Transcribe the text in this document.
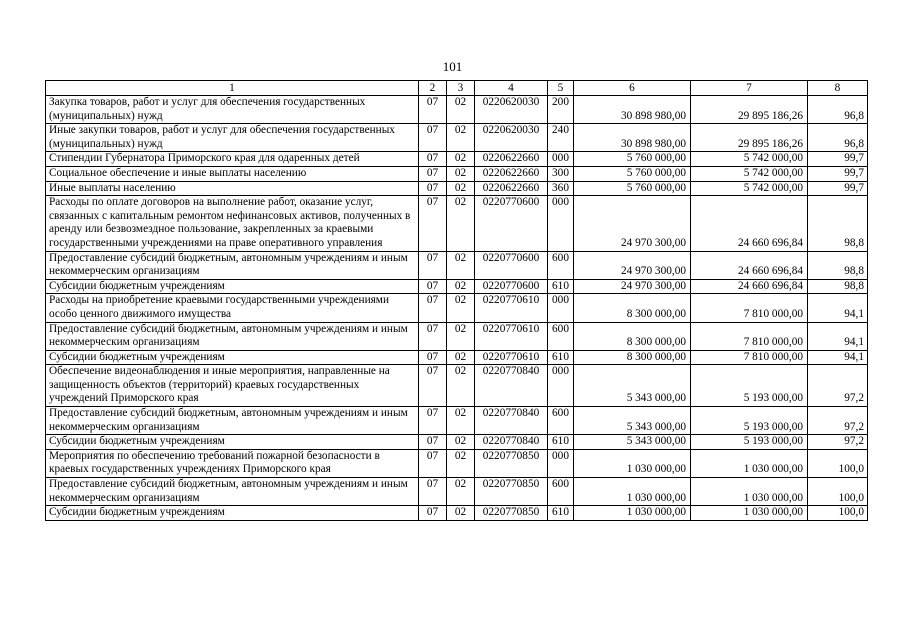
101
1	2	3	4	5	6	7	8
Закупка товаров, работ и услуг для обеспечения государственных (муниципальных) нужд	07	02	0220620030	200	30 898 980,00	29 895 186,26	96,8
Иные закупки товаров, работ и услуг для обеспечения государственных (муниципальных) нужд	07	02	0220620030	240	30 898 980,00	29 895 186,26	96,8
Стипендии Губернатора Приморского края для одаренных детей	07	02	0220622660	000	5 760 000,00	5 742 000,00	99,7
Социальное обеспечение и иные выплаты населению	07	02	0220622660	300	5 760 000,00	5 742 000,00	99,7
Иные выплаты населению	07	02	0220622660	360	5 760 000,00	5 742 000,00	99,7
Расходы по оплате договоров на выполнение работ, оказание услуг, связанных с капитальным ремонтом нефинансовых активов, полученных в аренду или безвозмездное пользование, закрепленных за краевыми государственными учреждениями на праве оперативного управления	07	02	0220770600	000	24 970 300,00	24 660 696,84	98,8
Предоставление субсидий бюджетным, автономным учреждениям и иным некоммерческим организациям	07	02	0220770600	600	24 970 300,00	24 660 696,84	98,8
Субсидии бюджетным учреждениям	07	02	0220770600	610	24 970 300,00	24 660 696,84	98,8
Расходы на приобретение краевыми государственными учреждениями особо ценного движимого имущества	07	02	0220770610	000	8 300 000,00	7 810 000,00	94,1
Предоставление субсидий бюджетным, автономным учреждениям и иным некоммерческим организациям	07	02	0220770610	600	8 300 000,00	7 810 000,00	94,1
Субсидии бюджетным учреждениям	07	02	0220770610	610	8 300 000,00	7 810 000,00	94,1
Обеспечение видеонаблюдения и иные мероприятия, направленные на защищенность объектов (территорий) краевых государственных учреждений Приморского края	07	02	0220770840	000	5 343 000,00	5 193 000,00	97,2
Предоставление субсидий бюджетным, автономным учреждениям и иным некоммерческим организациям	07	02	0220770840	600	5 343 000,00	5 193 000,00	97,2
Субсидии бюджетным учреждениям	07	02	0220770840	610	5 343 000,00	5 193 000,00	97,2
Мероприятия по обеспечению требований пожарной безопасности в краевых государственных учреждениях Приморского края	07	02	0220770850	000	1 030 000,00	1 030 000,00	100,0
Предоставление субсидий бюджетным, автономным учреждениям и иным некоммерческим организациям	07	02	0220770850	600	1 030 000,00	1 030 000,00	100,0
Субсидии бюджетным учреждениям	07	02	0220770850	610	1 030 000,00	1 030 000,00	100,0
